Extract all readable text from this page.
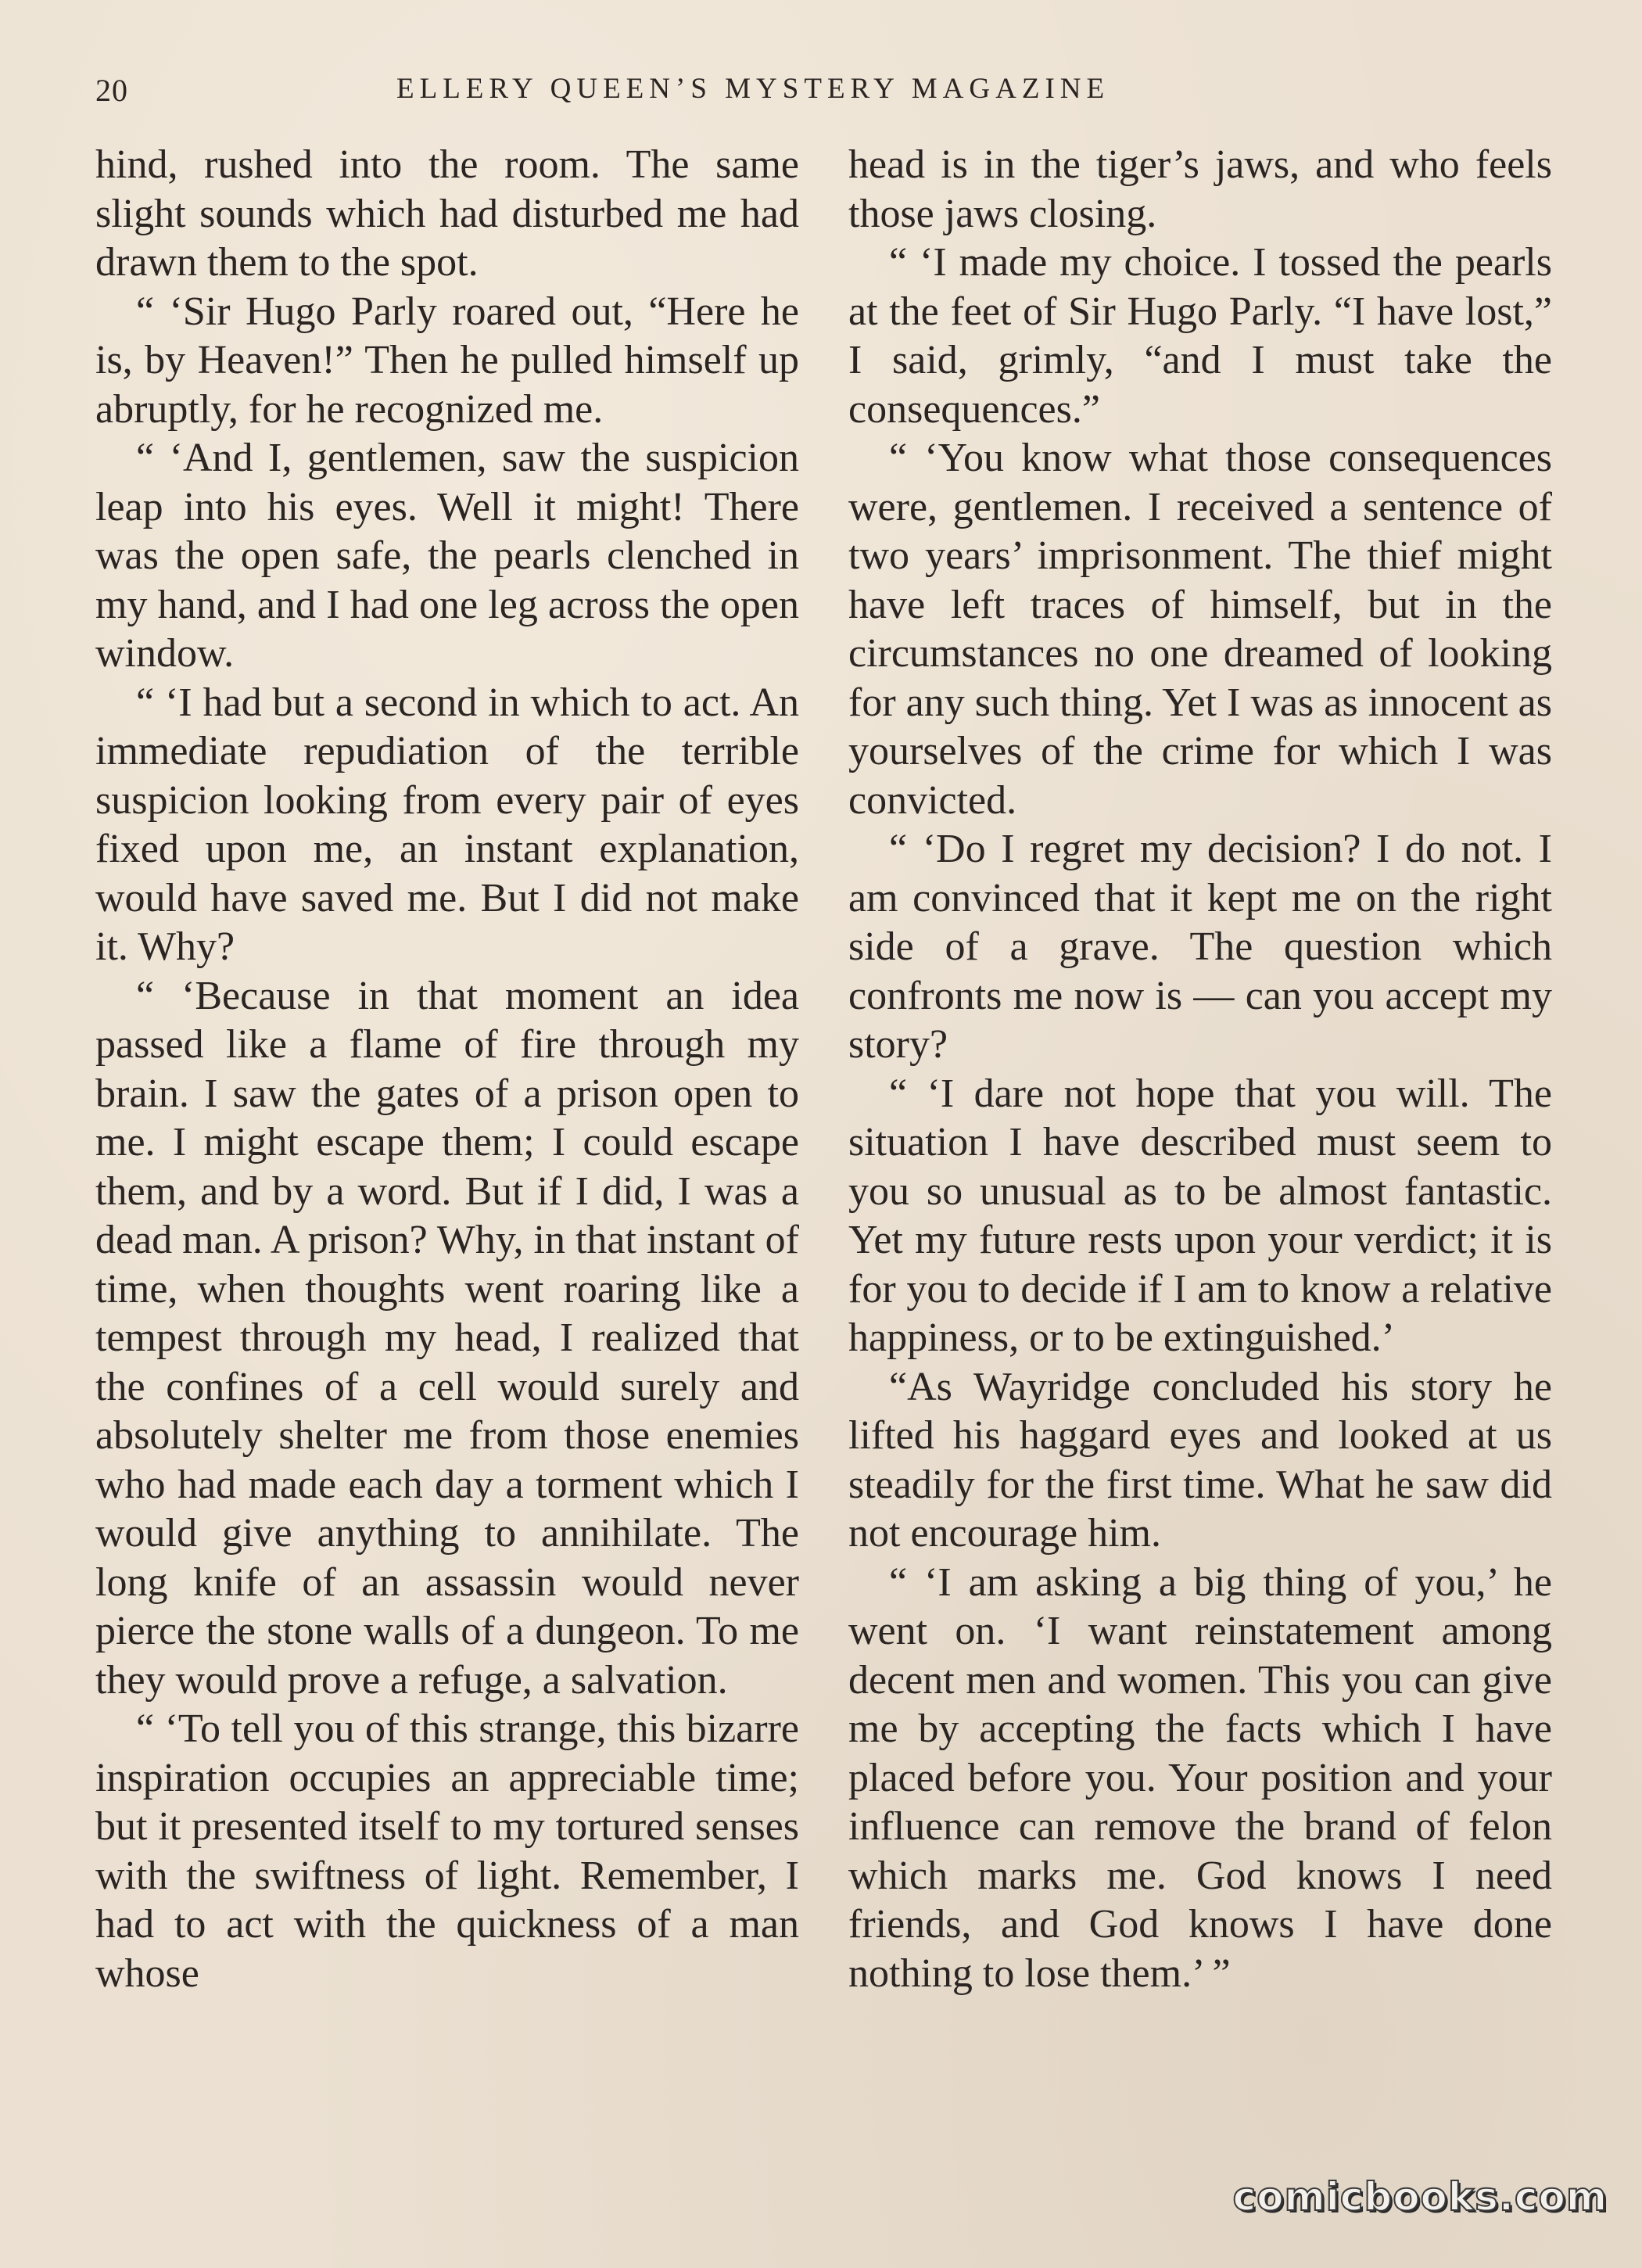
20	ELLERY QUEEN’S MYSTERY MAGAZINE

hind, rushed into the room. The same slight sounds which had disturbed me had drawn them to the spot.

“ ‘Sir Hugo Parly roared out, “Here he is, by Heaven!” Then he pulled himself up abruptly, for he recognized me.

“ ‘And I, gentlemen, saw the suspicion leap into his eyes. Well it might! There was the open safe, the pearls clenched in my hand, and I had one leg across the open window.

“ ‘I had but a second in which to act. An immediate repudiation of the terrible suspicion looking from every pair of eyes fixed upon me, an instant explanation, would have saved me. But I did not make it. Why?

“ ‘Because in that moment an idea passed like a flame of fire through my brain. I saw the gates of a prison open to me. I might escape them; I could escape them, and by a word. But if I did, I was a dead man. A prison? Why, in that instant of time, when thoughts went roaring like a tempest through my head, I realized that the confines of a cell would surely and absolutely shelter me from those enemies who had made each day a torment which I would give anything to annihilate. The long knife of an assassin would never pierce the stone walls of a dungeon. To me they would prove a refuge, a salvation.

“ ‘To tell you of this strange, this bizarre inspiration occupies an appreciable time; but it presented itself to my tortured senses with the swiftness of light. Remember, I had to act with the quickness of a man whose

head is in the tiger’s jaws, and who feels those jaws closing.

“ ‘I made my choice. I tossed the pearls at the feet of Sir Hugo Parly. “I have lost,” I said, grimly, “and I must take the consequences.”

“ ‘You know what those consequences were, gentlemen. I received a sentence of two years’ imprisonment. The thief might have left traces of himself, but in the circumstances no one dreamed of looking for any such thing. Yet I was as innocent as yourselves of the crime for which I was convicted.

“ ‘Do I regret my decision? I do not. I am convinced that it kept me on the right side of a grave. The question which confronts me now is — can you accept my story?

“ ‘I dare not hope that you will. The situation I have described must seem to you so unusual as to be almost fantastic. Yet my future rests upon your verdict; it is for you to decide if I am to know a relative happiness, or to be extinguished.’

“As Wayridge concluded his story he lifted his haggard eyes and looked at us steadily for the first time. What he saw did not encourage him.

“ ‘I am asking a big thing of you,’ he went on. ‘I want reinstatement among decent men and women. This you can give me by accepting the facts which I have placed before you. Your position and your influence can remove the brand of felon which marks me. God knows I need friends, and God knows I have done nothing to lose them.’ ”

comicbooks.com
